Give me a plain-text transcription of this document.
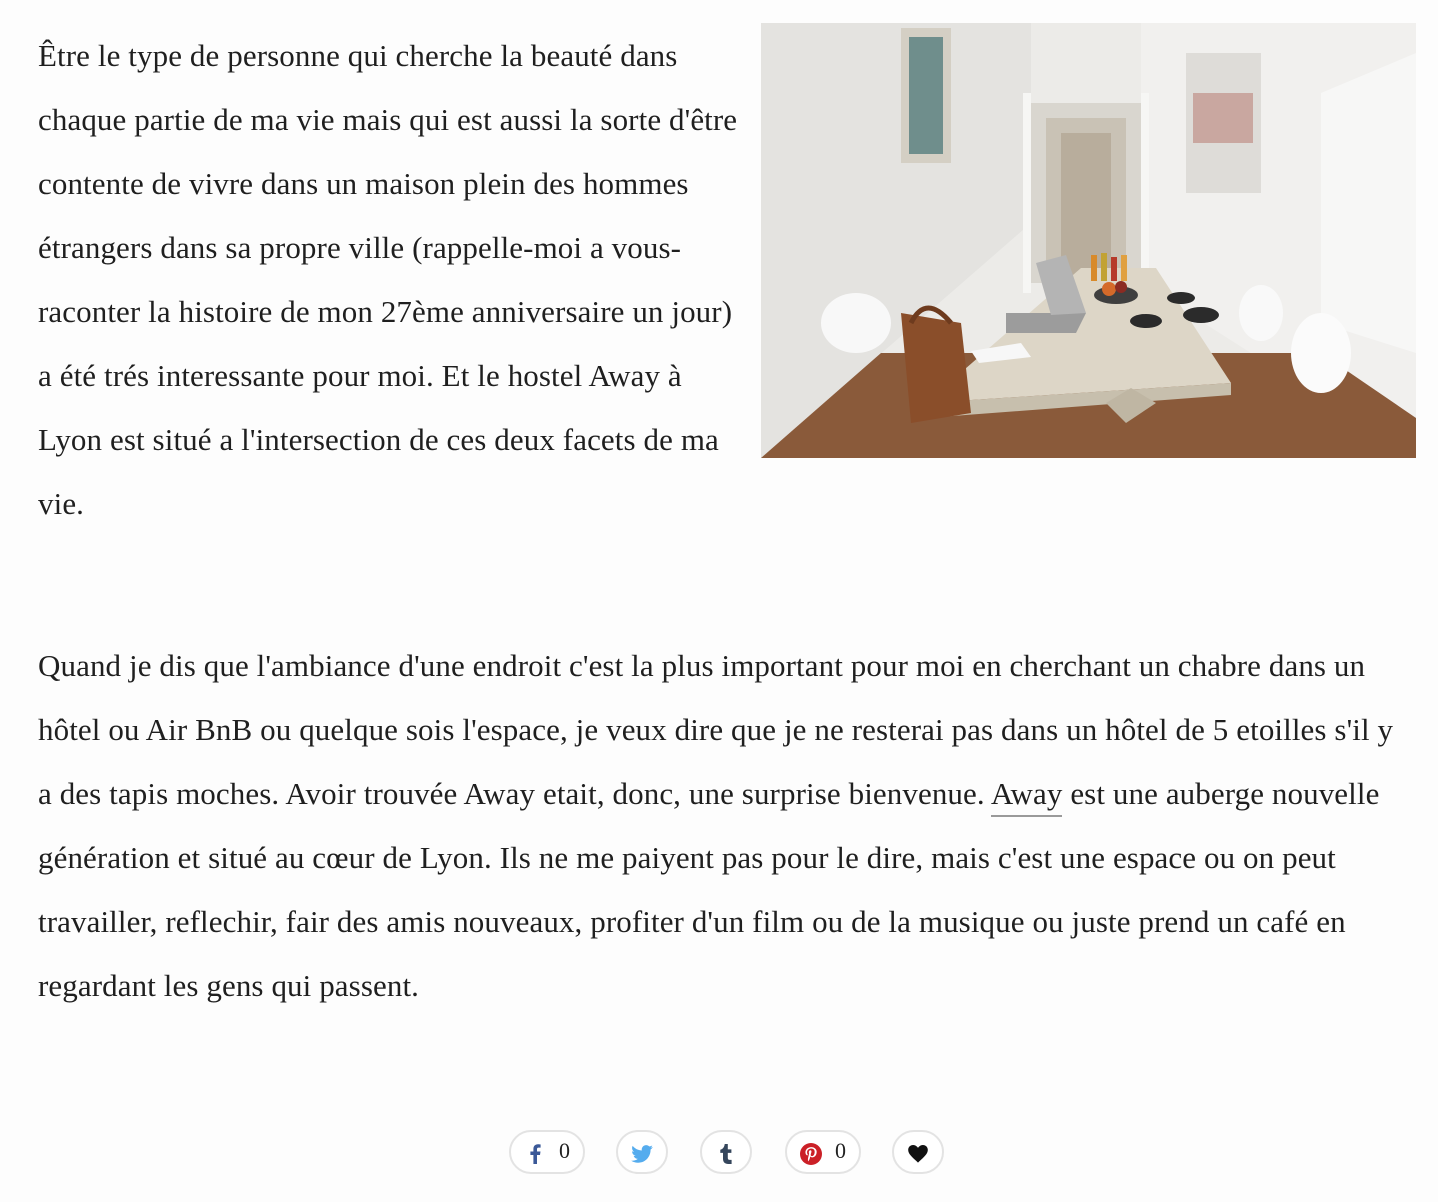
Être le type de personne qui cherche la beauté dans chaque partie de ma vie mais qui est aussi la sorte d'être contente de vivre dans un maison plein des hommes étrangers dans sa propre ville (rappelle-moi a vous-raconter la histoire de mon 27ème anniversaire un jour) a été trés interessante pour moi. Et le hostel Away à Lyon est situé a l'intersection de ces deux facets de ma vie.

Quand je dis que l'ambiance d'une endroit c'est la plus important pour moi en cherchant un chabre dans un hôtel ou Air BnB ou quelque sois l'espace, je veux dire que je ne resterai pas dans un hôtel de 5 etoilles s'il y a des tapis moches. Avoir trouvée Away etait, donc, une surprise bienvenue. Away est une auberge nouvelle génération et situé au cœur de Lyon. Ils ne me paiyent pas pour le dire, mais c'est une espace ou on peut travailler, reflechir, fair des amis nouveaux, profiter d'un film ou de la musique ou juste prend un café en regardant les gens qui passent.

0	0
